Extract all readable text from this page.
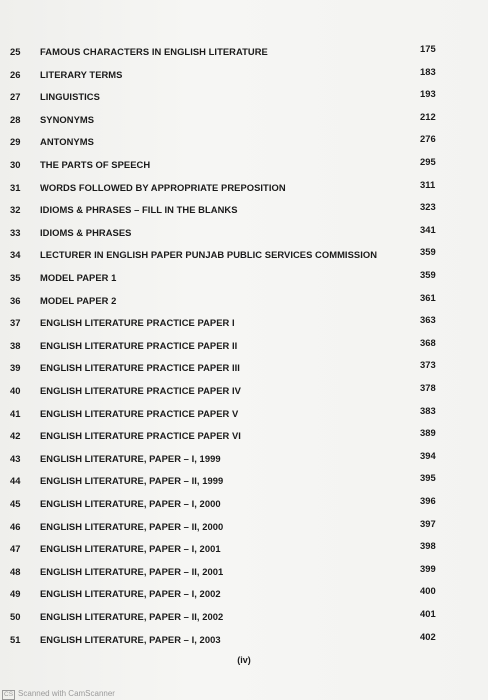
25	FAMOUS CHARACTERS IN ENGLISH LITERATURE	175
26	LITERARY TERMS	183
27	LINGUISTICS	193
28	SYNONYMS	212
29	ANTONYMS	276
30	THE PARTS OF SPEECH	295
31	WORDS FOLLOWED BY APPROPRIATE PREPOSITION	311
32	IDIOMS & PHRASES – FILL IN THE BLANKS	323
33	IDIOMS & PHRASES	341
34	LECTURER IN ENGLISH PAPER PUNJAB PUBLIC SERVICES COMMISSION	359
35	MODEL PAPER 1	359
36	MODEL PAPER 2	361
37	ENGLISH LITERATURE PRACTICE PAPER I	363
38	ENGLISH LITERATURE PRACTICE PAPER II	368
39	ENGLISH LITERATURE PRACTICE PAPER III	373
40	ENGLISH LITERATURE PRACTICE PAPER IV	378
41	ENGLISH LITERATURE PRACTICE PAPER V	383
42	ENGLISH LITERATURE PRACTICE PAPER VI	389
43	ENGLISH LITERATURE, PAPER – I, 1999	394
44	ENGLISH LITERATURE, PAPER – II, 1999	395
45	ENGLISH LITERATURE, PAPER – I, 2000	396
46	ENGLISH LITERATURE, PAPER – II, 2000	397
47	ENGLISH LITERATURE, PAPER – I, 2001	398
48	ENGLISH LITERATURE, PAPER – II, 2001	399
49	ENGLISH LITERATURE, PAPER – I, 2002	400
50	ENGLISH LITERATURE, PAPER – II, 2002	401
51	ENGLISH LITERATURE, PAPER – I, 2003	402
(iv)
CS Scanned with CamScanner
